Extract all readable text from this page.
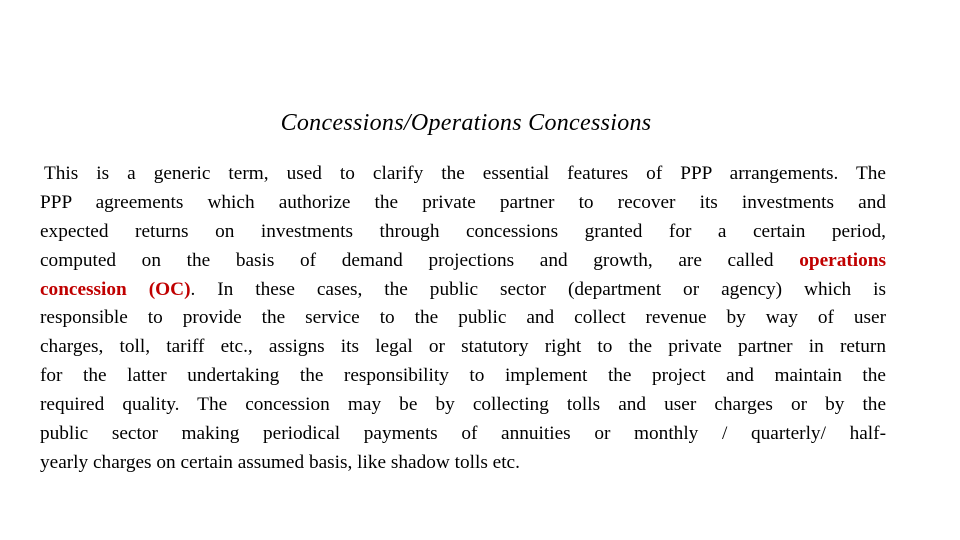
Concessions/Operations Concessions
This is a generic term, used to clarify the essential features of PPP arrangements. The
PPP agreements which authorize the private partner to recover its investments and
expected returns on investments through concessions granted for a certain period,
computed on the basis of demand projections and growth, are called operations
concession (OC). In these cases, the public sector (department or agency) which is
responsible to provide the service to the public and collect revenue by way of user
charges, toll, tariff etc., assigns its legal or statutory right to the private partner in return
for the latter undertaking the responsibility to implement the project and maintain the
required quality. The concession may be by collecting tolls and user charges or by the
public sector making periodical payments of annuities or monthly / quarterly/ half-
yearly charges on certain assumed basis, like shadow tolls etc.
